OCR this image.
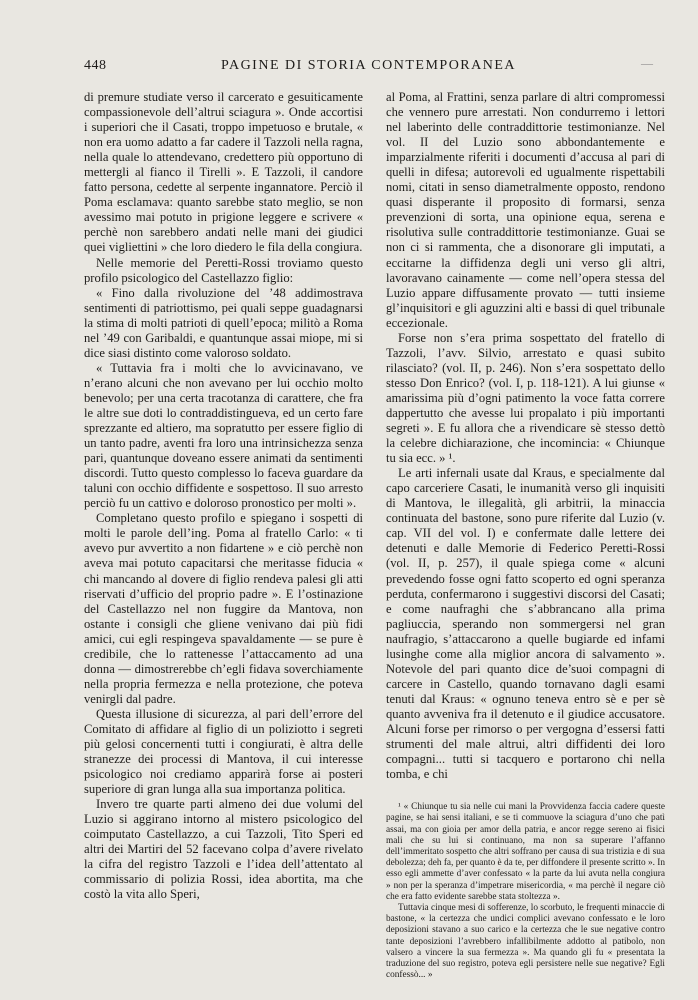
448	PAGINE DI STORIA CONTEMPORANEA	—

di premure studiate verso il carcerato e gesuiticamente compassionevole dell’altrui sciagura ». Onde accortisi i superiori che il Casati, troppo impetuoso e brutale, « non era uomo adatto a far cadere il Tazzoli nella ragna, nella quale lo attendevano, credettero più opportuno di mettergli al fianco il Tirelli ». E Tazzoli, il candore fatto persona, cedette al serpente ingannatore. Perciò il Poma esclamava: quanto sarebbe stato meglio, se non avessimo mai potuto in prigione leggere e scrivere « perchè non sarebbero andati nelle mani dei giudici quei vigliettini » che loro diedero le fila della congiura.

Nelle memorie del Peretti-Rossi troviamo questo profilo psicologico del Castellazzo figlio:

« Fino dalla rivoluzione del ’48 addimostrava sentimenti di patriottismo, pei quali seppe guadagnarsi la stima di molti patrioti di quell’epoca; militò a Roma nel ’49 con Garibaldi, e quantunque assai miope, mi si dice siasi distinto come valoroso soldato.

« Tuttavia fra i molti che lo avvicinavano, ve n’erano alcuni che non avevano per lui occhio molto benevolo; per una certa tracotanza di carattere, che fra le altre sue doti lo contraddistingueva, ed un certo fare sprezzante ed altiero, ma sopratutto per essere figlio di un tanto padre, aventi fra loro una intrinsichezza senza pari, quantunque doveano essere animati da sentimenti discordi. Tutto questo complesso lo faceva guardare da taluni con occhio diffidente e sospettoso. Il suo arresto perciò fu un cattivo e doloroso pronostico per molti ».

Completano questo profilo e spiegano i sospetti di molti le parole dell’ing. Poma al fratello Carlo: « ti avevo pur avvertito a non fidartene » e ciò perchè non aveva mai potuto capacitarsi che meritasse fiducia « chi mancando al dovere di figlio rendeva palesi gli atti riservati d’ufficio del proprio padre ». E l’ostinazione del Castellazzo nel non fuggire da Mantova, non ostante i consigli che gliene venivano dai più fidi amici, cui egli respingeva spavaldamente — se pure è credibile, che lo rattenesse l’attaccamento ad una donna — dimostrerebbe ch’egli fidava soverchiamente nella propria fermezza e nella protezione, che poteva venirgli dal padre.

Questa illusione di sicurezza, al pari dell’errore del Comitato di affidare al figlio di un poliziotto i segreti più gelosi concernenti tutti i congiurati, è altra delle stranezze dei processi di Mantova, il cui interesse psicologico noi crediamo apparirà forse ai posteri superiore di gran lunga alla sua importanza politica.

Invero tre quarte parti almeno dei due volumi del Luzio si aggirano intorno al mistero psicologico del coimputato Castellazzo, a cui Tazzoli, Tito Speri ed altri dei Martiri del 52 facevano colpa d’avere rivelato la cifra del registro Tazzoli e l’idea dell’attentato al commissario di polizia Rossi, idea abortita, ma che costò la vita allo Speri,

al Poma, al Frattini, senza parlare di altri compromessi che vennero pure arrestati. Non condurremo i lettori nel laberinto delle contraddittorie testimonianze. Nel vol. II del Luzio sono abbondantemente e imparzialmente riferiti i documenti d’accusa al pari di quelli in difesa; autorevoli ed ugualmente rispettabili nomi, citati in senso diametralmente opposto, rendono quasi disperante il proposito di formarsi, senza prevenzioni di sorta, una opinione equa, serena e risolutiva sulle contraddittorie testimonianze. Guai se non ci si rammenta, che a disonorare gli imputati, a eccitarne la diffidenza degli uni verso gli altri, lavoravano cainamente — come nell’opera stessa del Luzio appare diffusamente provato — tutti insieme gl’inquisitori e gli aguzzini alti e bassi di quel tribunale eccezionale.

Forse non s’era prima sospettato del fratello di Tazzoli, l’avv. Silvio, arrestato e quasi subito rilasciato? (vol. II, p. 246). Non s’era sospettato dello stesso Don Enrico? (vol. I, p. 118-121). A lui giunse « amarissima più d’ogni patimento la voce fatta correre dappertutto che avesse lui propalato i più importanti segreti ». E fu allora che a rivendicare sè stesso dettò la celebre dichiarazione, che incomincia: « Chiunque tu sia ecc. » ¹.

Le arti infernali usate dal Kraus, e specialmente dal capo carceriere Casati, le inumanità verso gli inquisiti di Mantova, le illegalità, gli arbitrii, la minaccia continuata del bastone, sono pure riferite dal Luzio (v. cap. VII del vol. I) e confermate dalle lettere dei detenuti e dalle Memorie di Federico Peretti-Rossi (vol. II, p. 257), il quale spiega come « alcuni prevedendo fosse ogni fatto scoperto ed ogni speranza perduta, confermarono i suggestivi discorsi del Casati; e come naufraghi che s’abbrancano alla prima pagliuccia, sperando non sommergersi nel gran naufragio, s’attaccarono a quelle bugiarde ed infami lusinghe come alla miglior ancora di salvamento ». Notevole del pari quanto dice de’suoi compagni di carcere in Castello, quando tornavano dagli esami tenuti dal Kraus: « ognuno teneva entro sè e per sè quanto avveniva fra il detenuto e il giudice accusatore. Alcuni forse per rimorso o per vergogna d’essersi fatti strumenti del male altrui, altri diffidenti dei loro compagni... tutti si tacquero e portarono chi nella tomba, e chi

¹ « Chiunque tu sia nelle cui mani la Provvidenza faccia cadere queste pagine, se hai sensi italiani, e se ti commuove la sciagura d’uno che patì assai, ma con gioia per amor della patria, e ancor regge sereno ai fisici mali che su lui si continuano, ma non sa superare l’affanno dell’immeritato sospetto che altri soffrano per causa di sua tristizia e di sua debolezza; deh fa, per quanto è da te, per diffondere il presente scritto ». In esso egli ammette d’aver confessato « la parte da lui avuta nella congiura » non per la speranza d’impetrare misericordia, « ma perchè il negare ciò che era fatto evidente sarebbe stata stoltezza ».

Tuttavia cinque mesi di sofferenze, lo scorbuto, le frequenti minaccie di bastone, « la certezza che undici complici avevano confessato e le loro deposizioni stavano a suo carico e la certezza che le sue negative contro tante deposizioni l’avrebbero infallibilmente addotto al patibolo, non valsero a vincere la sua fermezza ». Ma quando gli fu « presentata la traduzione del suo registro, poteva egli persistere nelle sue negative? Egli confessò... »
